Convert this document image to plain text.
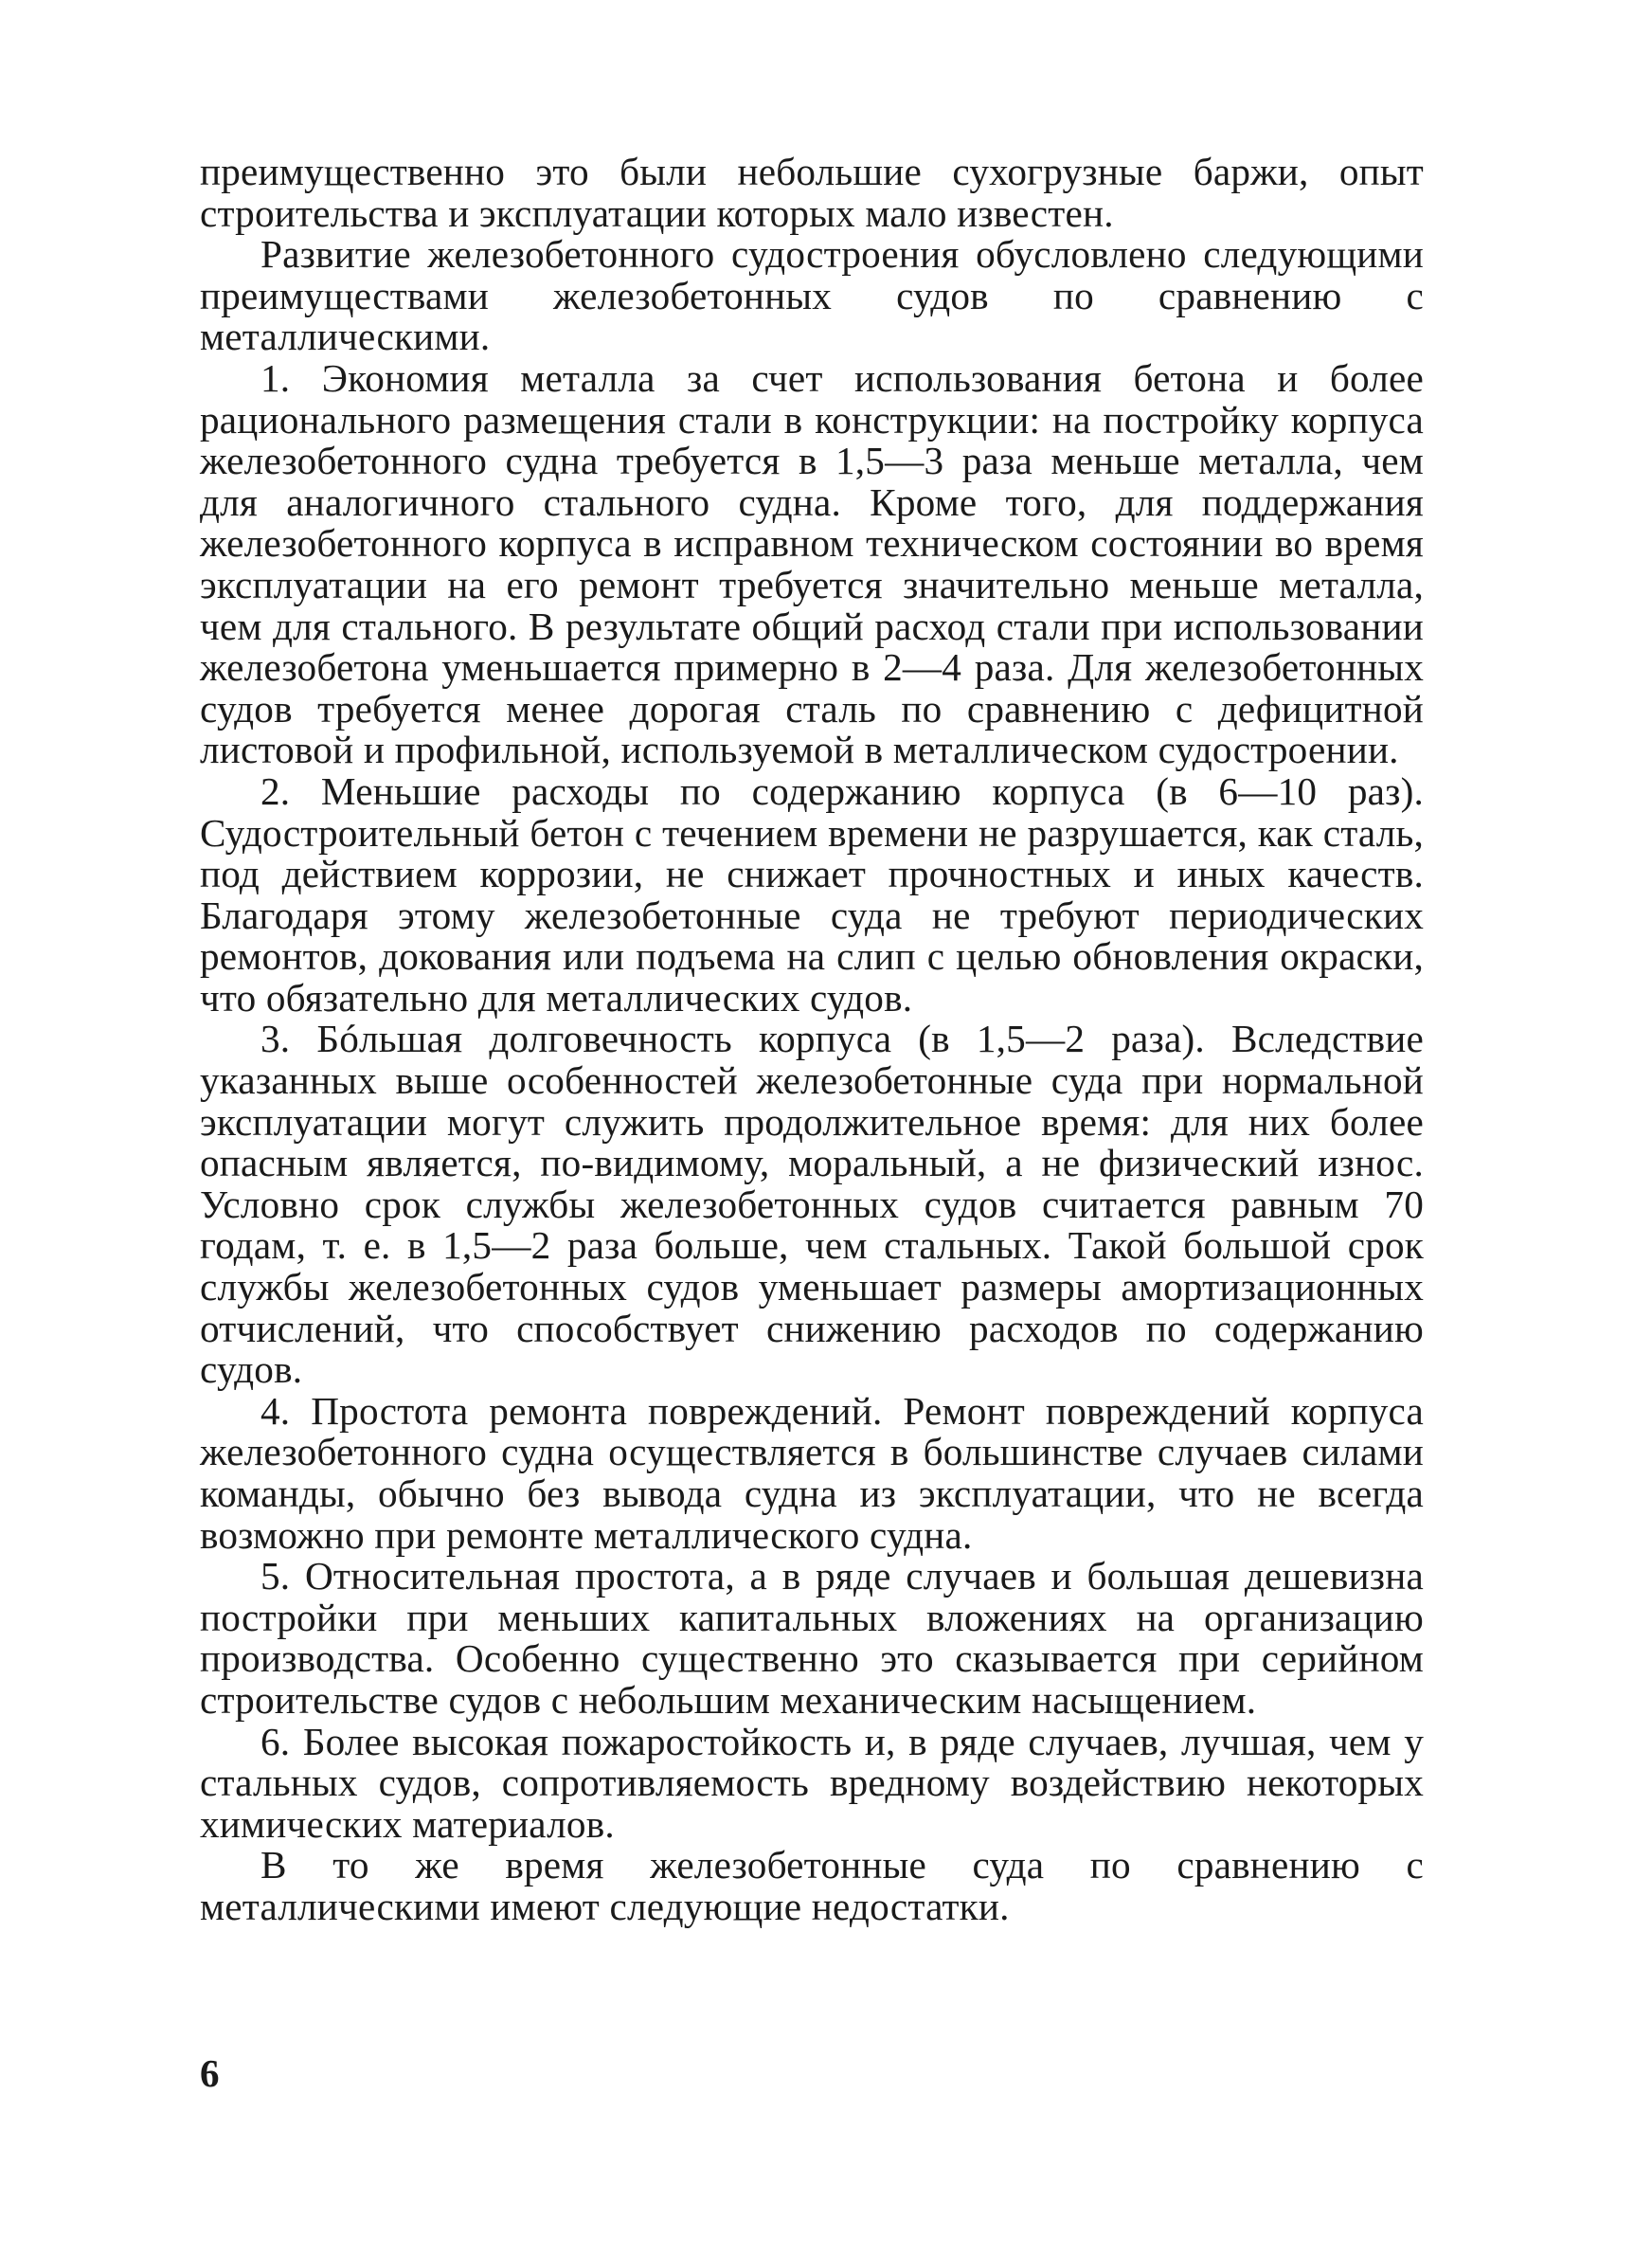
преимущественно это были небольшие сухогрузные баржи, опыт строительства и эксплуатации которых мало известен.

Развитие железобетонного судостроения обусловлено следующими преимуществами железобетонных судов по сравнению с металлическими.

1. Экономия металла за счет использования бетона и более рационального размещения стали в конструкции: на постройку корпуса железобетонного судна требуется в 1,5—3 раза меньше металла, чем для аналогичного стального судна. Кроме того, для поддержания железобетонного корпуса в исправном техническом состоянии во время эксплуатации на его ремонт требуется значительно меньше металла, чем для стального. В результате общий расход стали при использовании железобетона уменьшается примерно в 2—4 раза. Для железобетонных судов требуется менее дорогая сталь по сравнению с дефицитной листовой и профильной, используемой в металлическом судостроении.

2. Меньшие расходы по содержанию корпуса (в 6—10 раз). Судостроительный бетон с течением времени не разрушается, как сталь, под действием коррозии, не снижает прочностных и иных качеств. Благодаря этому железобетонные суда не требуют периодических ремонтов, докования или подъема на слип с целью обновления окраски, что обязательно для металлических судов.

3. Бóльшая долговечность корпуса (в 1,5—2 раза). Вследствие указанных выше особенностей железобетонные суда при нормальной эксплуатации могут служить продолжительное время: для них более опасным является, по-видимому, моральный, а не физический износ. Условно срок службы железобетонных судов считается равным 70 годам, т. е. в 1,5—2 раза больше, чем стальных. Такой большой срок службы железобетонных судов уменьшает размеры амортизационных отчислений, что способствует снижению расходов по содержанию судов.

4. Простота ремонта повреждений. Ремонт повреждений корпуса железобетонного судна осуществляется в большинстве случаев силами команды, обычно без вывода судна из эксплуатации, что не всегда возможно при ремонте металлического судна.

5. Относительная простота, а в ряде случаев и большая дешевизна постройки при меньших капитальных вложениях на организацию производства. Особенно существенно это сказывается при серийном строительстве судов с небольшим механическим насыщением.

6. Более высокая пожаростойкость и, в ряде случаев, лучшая, чем у стальных судов, сопротивляемость вредному воздействию некоторых химических материалов.

В то же время железобетонные суда по сравнению с металлическими имеют следующие недостатки.

6
